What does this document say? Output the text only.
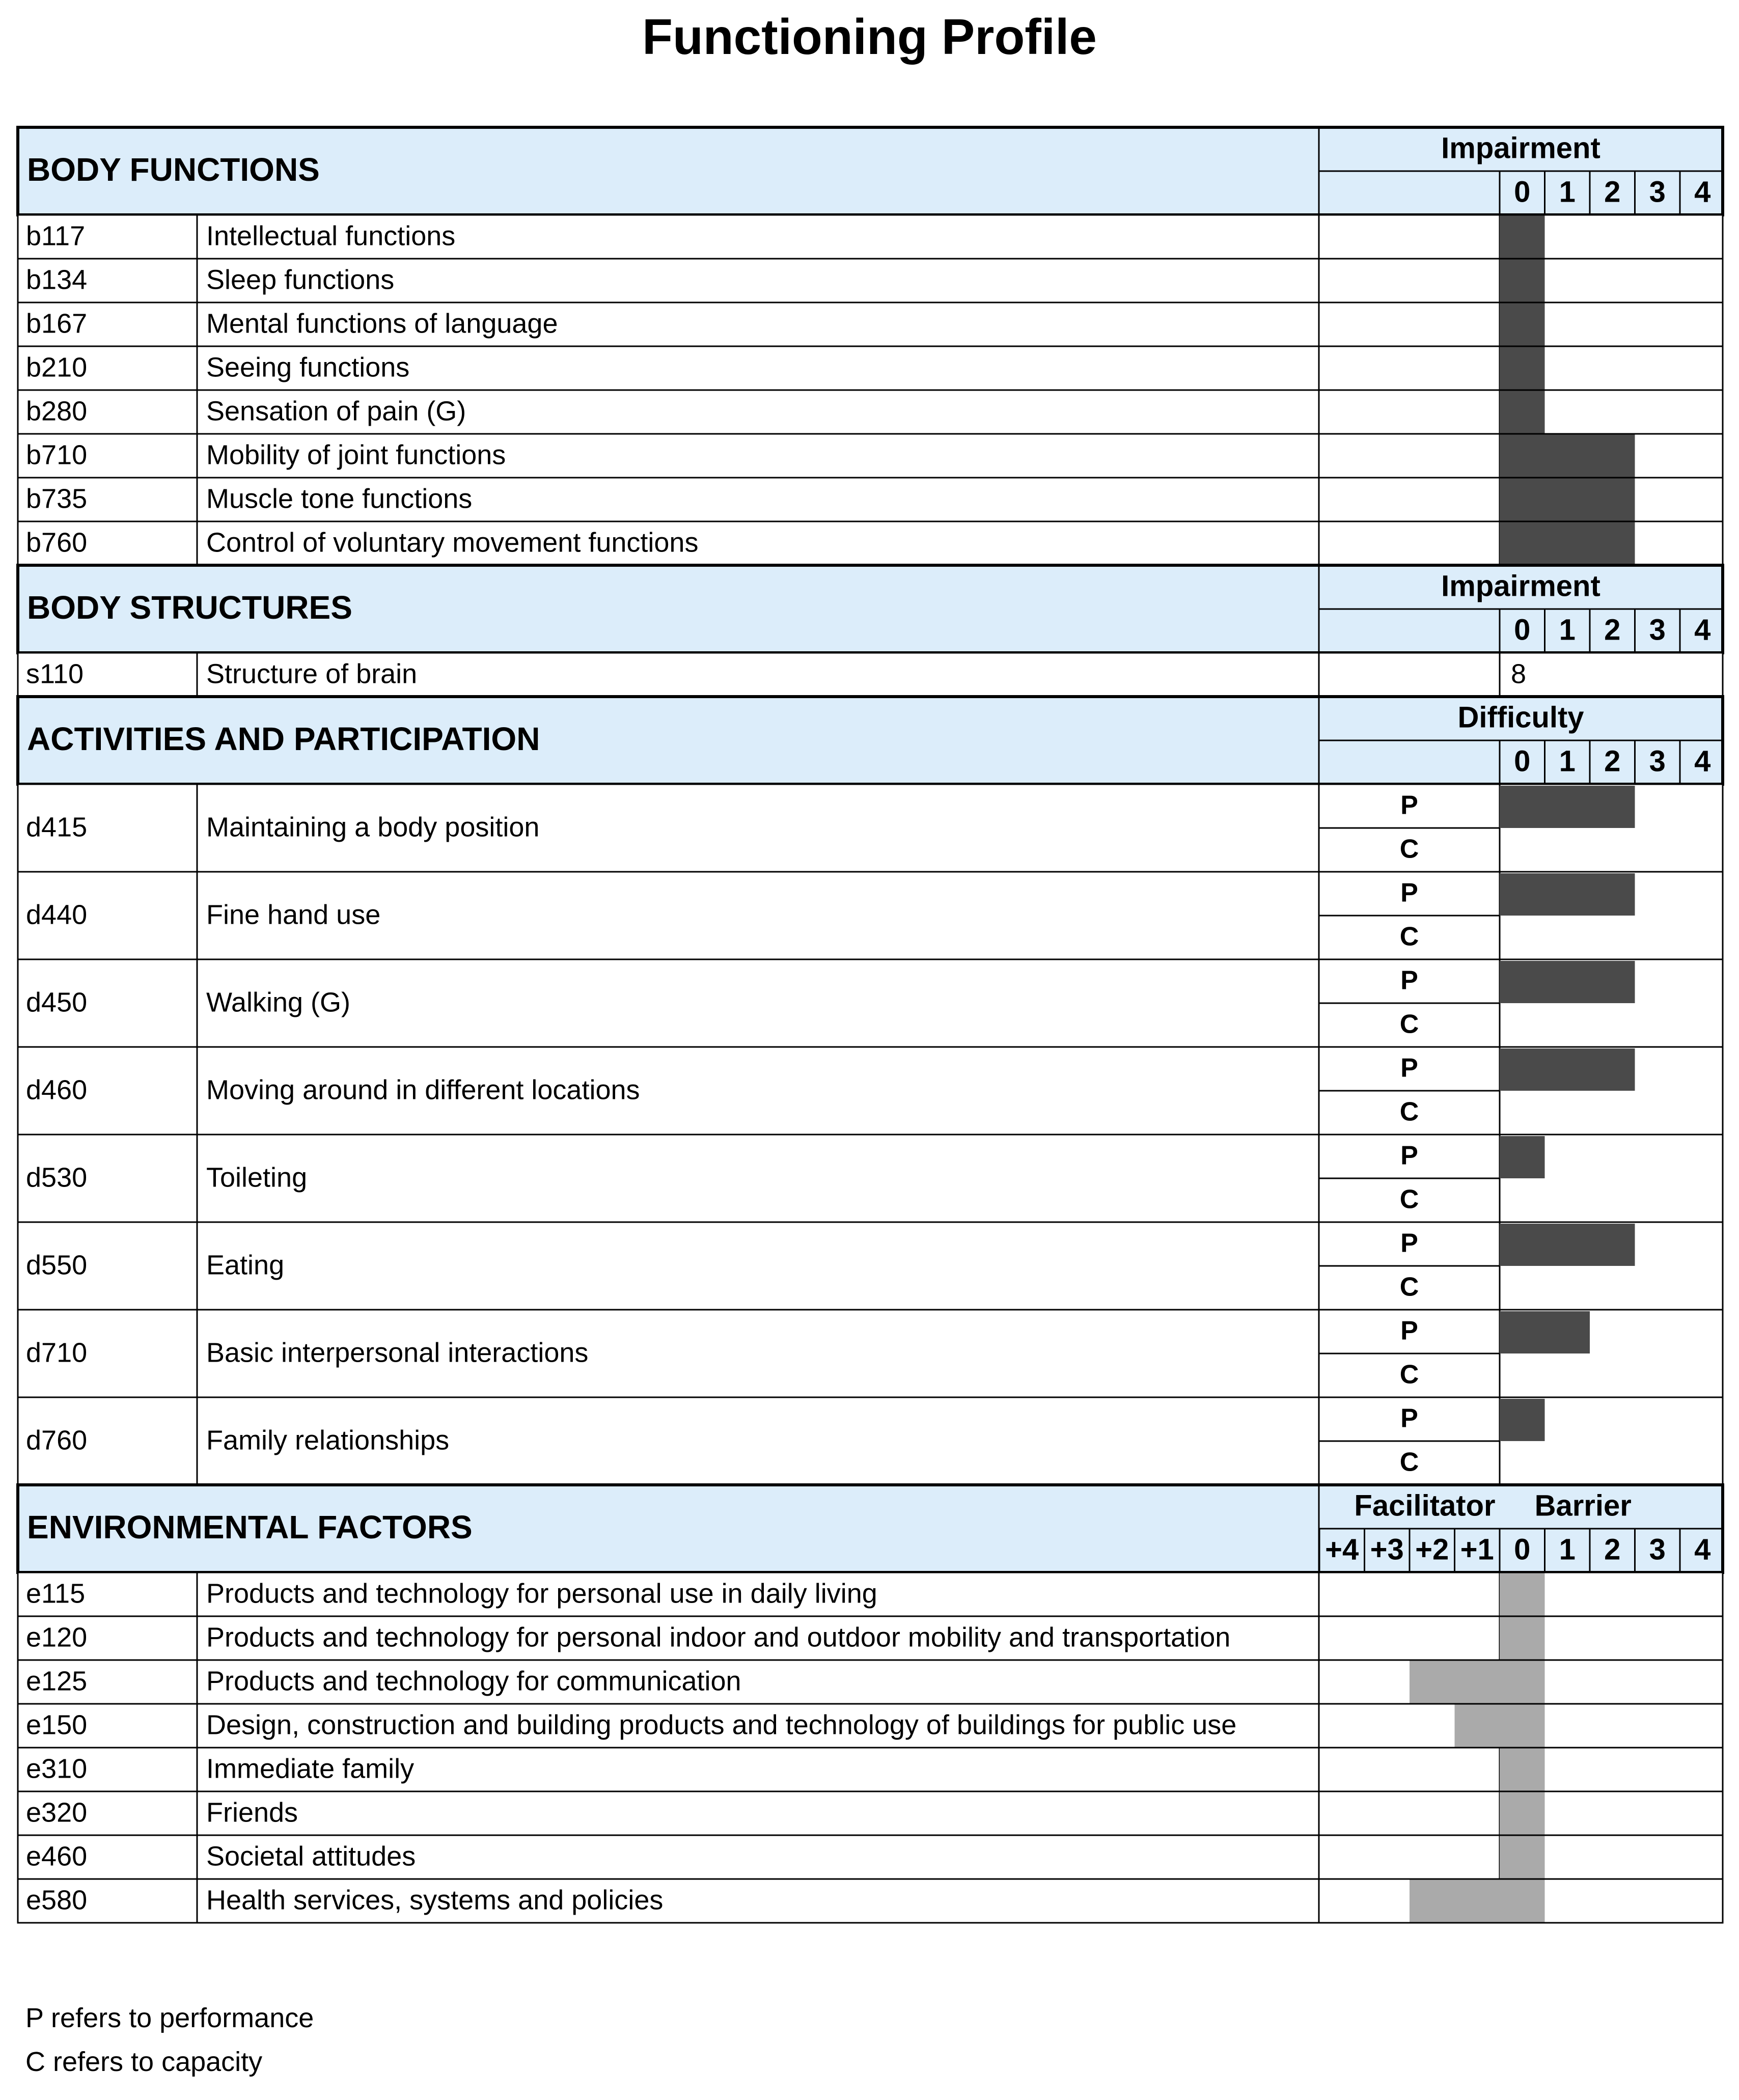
Functioning Profile
BODY FUNCTIONS
Impairment
0 1 2 3 4
b117	Intellectual functions
b134	Sleep functions
b167	Mental functions of language
b210	Seeing functions
b280	Sensation of pain (G)
b710	Mobility of joint functions
b735	Muscle tone functions
b760	Control of voluntary movement functions
BODY STRUCTURES
Impairment
0 1 2 3 4
s110	Structure of brain	8
ACTIVITIES AND PARTICIPATION
Difficulty
0 1 2 3 4
d415	Maintaining a body position
P
C
d440	Fine hand use
P
C
d450	Walking (G)
P
C
d460	Moving around in different locations
P
C
d530	Toileting
P
C
d550	Eating
P
C
d710	Basic interpersonal interactions
P
C
d760	Family relationships
P
C
ENVIRONMENTAL FACTORS
Facilitator Barrier
+4 +3 +2 +1 0 1 2 3 4
e115	Products and technology for personal use in daily living
e120	Products and technology for personal indoor and outdoor mobility and transportation
e125	Products and technology for communication
e150	Design, construction and building products and technology of buildings for public use
e310	Immediate family
e320	Friends
e460	Societal attitudes
e580	Health services, systems and policies
P refers to performance
C refers to capacity
